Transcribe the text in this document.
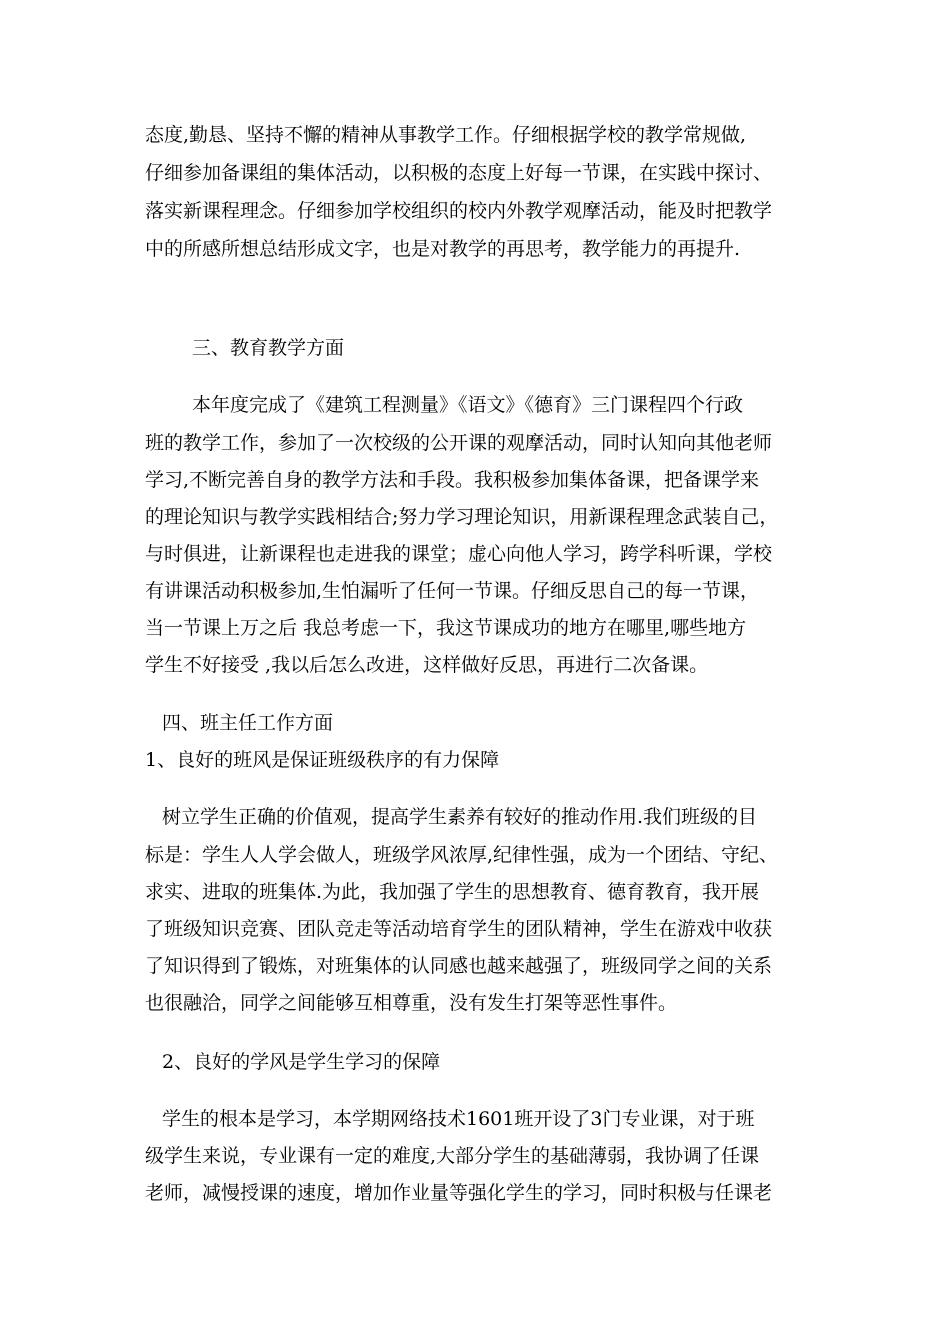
态度,勤恳、坚持不懈的精神从事教学工作。仔细根据学校的教学常规做,
仔细参加备课组的集体活动，以积极的态度上好每一节课，在实践中探讨、
落实新课程理念。仔细参加学校组织的校内外教学观摩活动，能及时把教学
中的所感所想总结形成文字，也是对教学的再思考，教学能力的再提升.
三、教育教学方面
本年度完成了《建筑工程测量》《语文》《德育》三门课程四个行政
班的教学工作，参加了一次校级的公开课的观摩活动，同时认知向其他老师
学习,不断完善自身的教学方法和手段。我积极参加集体备课，把备课学来
的理论知识与教学实践相结合;努力学习理论知识，用新课程理念武装自己，
与时俱进，让新课程也走进我的课堂；虚心向他人学习，跨学科听课，学校
有讲课活动积极参加,生怕漏听了任何一节课。仔细反思自己的每一节课，
当一节课上万之后 我总考虑一下，我这节课成功的地方在哪里,哪些地方
学生不好接受 ,我以后怎么改进，这样做好反思，再进行二次备课。
四、班主任工作方面
1、良好的班风是保证班级秩序的有力保障
树立学生正确的价值观，提高学生素养有较好的推动作用.我们班级的目
标是：学生人人学会做人，班级学风浓厚,纪律性强，成为一个团结、守纪、
求实、进取的班集体.为此，我加强了学生的思想教育、德育教育，我开展
了班级知识竞赛、团队竞走等活动培育学生的团队精神，学生在游戏中收获
了知识得到了锻炼，对班集体的认同感也越来越强了，班级同学之间的关系
也很融洽，同学之间能够互相尊重，没有发生打架等恶性事件。
2、良好的学风是学生学习的保障
学生的根本是学习，本学期网络技术1601班开设了3门专业课，对于班
级学生来说，专业课有一定的难度,大部分学生的基础薄弱，我协调了任课
老师，减慢授课的速度，增加作业量等强化学生的学习，同时积极与任课老
